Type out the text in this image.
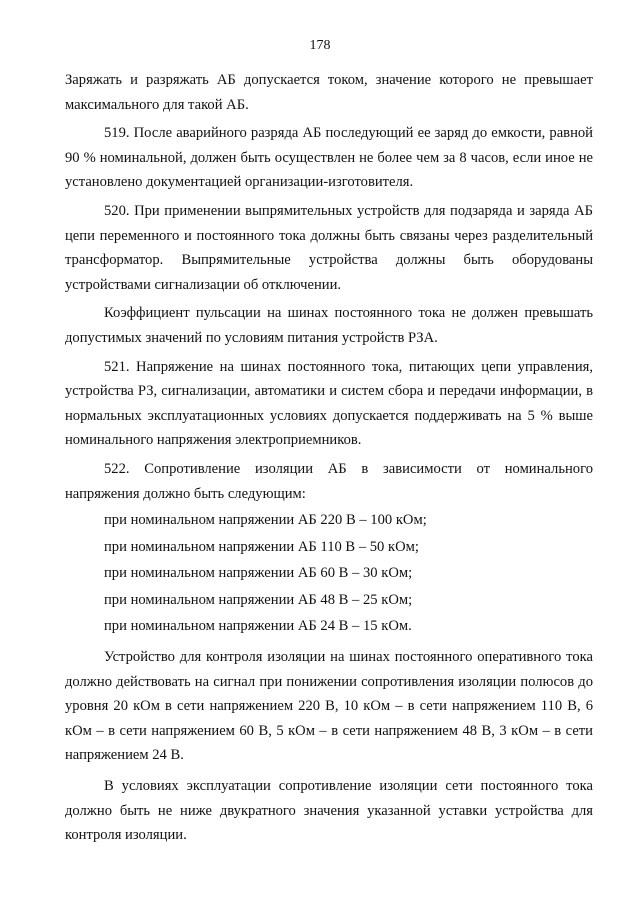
178

Заряжать и разряжать АБ допускается током, значение которого не превышает максимального для такой АБ.

519. После аварийного разряда АБ последующий ее заряд до емкости, равной 90 % номинальной, должен быть осуществлен не более чем за 8 часов, если иное не установлено документацией организации-изготовителя.

520. При применении выпрямительных устройств для подзаряда и заряда АБ цепи переменного и постоянного тока должны быть связаны через разделительный трансформатор. Выпрямительные устройства должны быть оборудованы устройствами сигнализации об отключении.

Коэффициент пульсации на шинах постоянного тока не должен превышать допустимых значений по условиям питания устройств РЗА.

521. Напряжение на шинах постоянного тока, питающих цепи управления, устройства РЗ, сигнализации, автоматики и систем сбора и передачи информации, в нормальных эксплуатационных условиях допускается поддерживать на 5 % выше номинального напряжения электроприемников.

522. Сопротивление изоляции АБ в зависимости от номинального напряжения должно быть следующим:

при номинальном напряжении АБ 220 В – 100 кОм;

при номинальном напряжении АБ 110 В – 50 кОм;

при номинальном напряжении АБ 60 В – 30 кОм;

при номинальном напряжении АБ 48 В – 25 кОм;

при номинальном напряжении АБ 24 В – 15 кОм.

Устройство для контроля изоляции на шинах постоянного оперативного тока должно действовать на сигнал при понижении сопротивления изоляции полюсов до уровня 20 кОм в сети напряжением 220 В, 10 кОм – в сети напряжением 110 В, 6 кОм – в сети напряжением 60 В, 5 кОм – в сети напряжением 48 В, 3 кОм – в сети напряжением 24 В.

В условиях эксплуатации сопротивление изоляции сети постоянного тока должно быть не ниже двукратного значения указанной уставки устройства для контроля изоляции.
